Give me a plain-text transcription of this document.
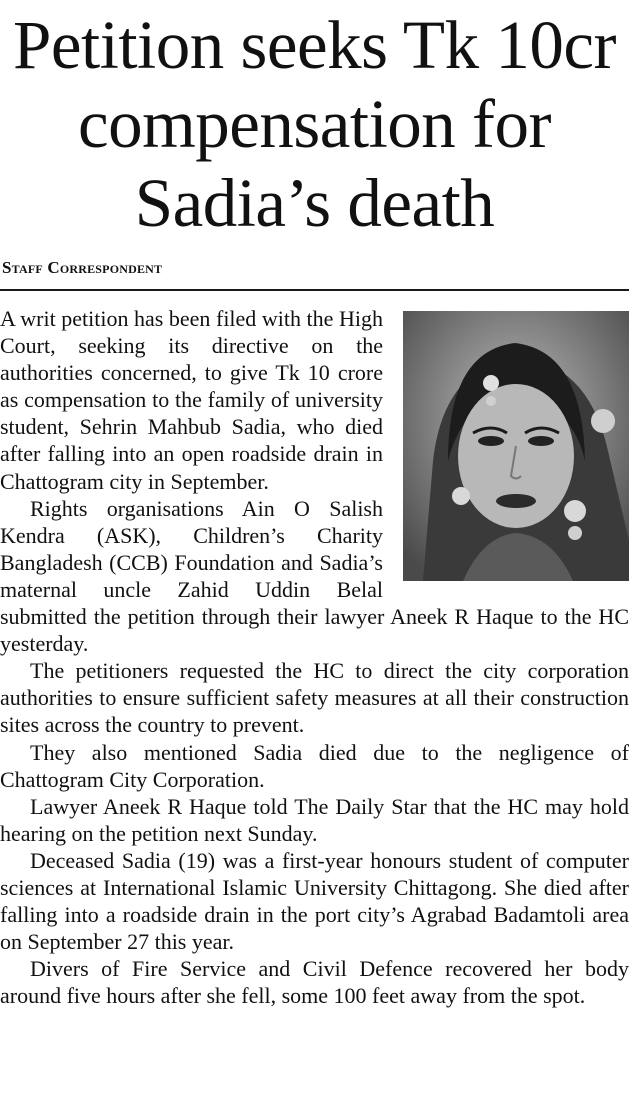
Petition seeks Tk 10cr compensation for Sadia’s death
Staff Correspondent

A writ petition has been filed with the High Court, seeking its directive on the authorities concerned, to give Tk 10 crore as compensation to the family of university student, Sehrin Mahbub Sadia, who died after falling into an open roadside drain in Chattogram city in September.

Rights organisations Ain O Salish Kendra (ASK), Children’s Charity Bangladesh (CCB) Foundation and Sadia’s maternal uncle Zahid Uddin Belal submitted the petition through their lawyer Aneek R Haque to the HC yesterday.

The petitioners requested the HC to direct the city corporation authorities to ensure sufficient safety measures at all their construction sites across the country to prevent.

They also mentioned Sadia died due to the negligence of Chattogram City Corporation.

Lawyer Aneek R Haque told The Daily Star that the HC may hold hearing on the petition next Sunday.

Deceased Sadia (19) was a first-year honours student of computer sciences at International Islamic University Chittagong. She died after falling into a roadside drain in the port city’s Agrabad Badamtoli area on September 27 this year.

Divers of Fire Service and Civil Defence recovered her body around five hours after she fell, some 100 feet away from the spot.
